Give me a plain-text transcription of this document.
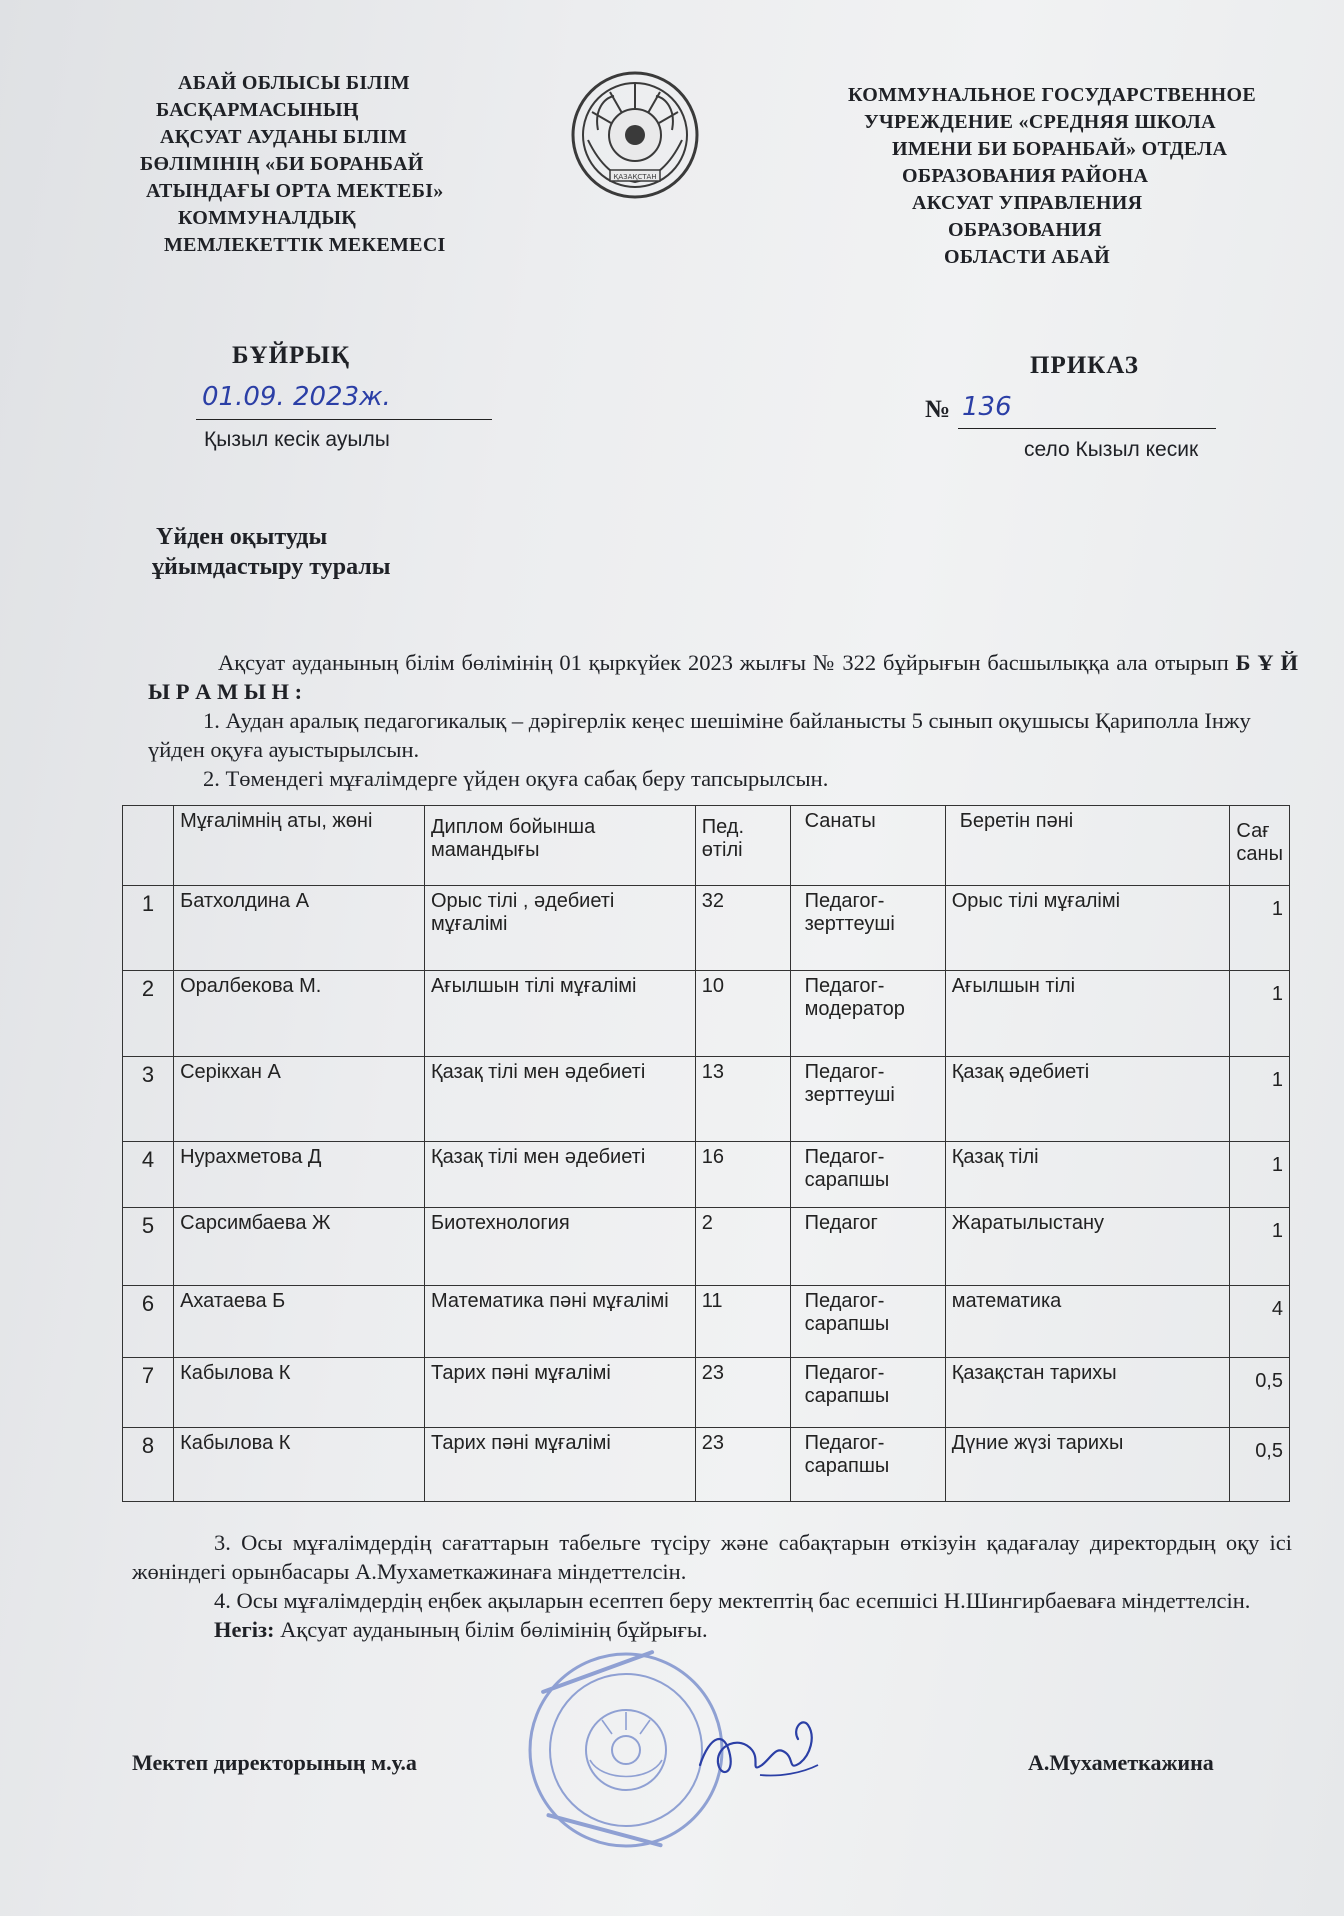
АБАЙ ОБЛЫСЫ БІЛІМ
БАСҚАРМАСЫНЫҢ
АҚСУАТ АУДАНЫ БІЛІМ
БӨЛІМІНІҢ «БИ БОРАНБАЙ
АТЫНДАҒЫ ОРТА МЕКТЕБІ»
КОММУНАЛДЫҚ
МЕМЛЕКЕТТІК МЕКЕМЕСІ
ҚАЗАҚСТАН
КОММУНАЛЬНОЕ ГОСУДАРСТВЕННОЕ
УЧРЕЖДЕНИЕ «СРЕДНЯЯ ШКОЛА
ИМЕНИ БИ БОРАНБАЙ» ОТДЕЛА
ОБРАЗОВАНИЯ РАЙОНА
АКСУАТ УПРАВЛЕНИЯ
ОБРАЗОВАНИЯ
ОБЛАСТИ АБАЙ
БҰЙРЫҚ	ПРИКАЗ
01.09. 2023ж.
Қызыл кесік ауылы
№ 136
село Кызыл кесик
Үйден оқытуды
ұйымдастыру туралы

Ақсуат ауданының білім бөлімінің 01 қыркүйек 2023 жылғы № 322 бұйрығын басшылыққа ала отырып Б Ұ Й Ы Р А М Ы Н :

1. Аудан аралық педагогикалық – дәрігерлік кеңес шешіміне байланысты 5 сынып оқушысы Қариполла Інжу үйден оқуға ауыстырылсын.

2. Төмендегі мұғалімдерге үйден оқуға сабақ беру тапсырылсын.

	Мұғалімнің аты, жөні	Диплом бойынша мамандығы	Пед. өтілі	Санаты	Беретін пәні	Сағ саны
1	Батхолдина А	Орыс тілі , әдебиеті мұғалімі	32	Педагог-зерттеуші	Орыс тілі мұғалімі	1
2	Оралбекова М.	Ағылшын тілі мұғалімі	10	Педагог-модератор	Ағылшын тілі	1
3	Серікхан А	Қазақ тілі мен әдебиеті	13	Педагог-зерттеуші	Қазақ әдебиеті	1
4	Нурахметова Д	Қазақ тілі мен әдебиеті	16	Педагог-сарапшы	Қазақ тілі	1
5	Сарсимбаева Ж	Биотехнология	2	Педагог	Жаратылыстану	1
6	Ахатаева Б	Математика пәні мұғалімі	11	Педагог-сарапшы	математика	4
7	Кабылова К	Тарих пәні мұғалімі	23	Педагог-сарапшы	Қазақстан тарихы	0,5
8	Кабылова К	Тарих пәні мұғалімі	23	Педагог-сарапшы	Дүние жүзі тарихы	0,5

3. Осы мұғалімдердің сағаттарын табельге түсіру және сабақтарын өткізуін қадағалау директордың оқу ісі жөніндегі орынбасары А.Мухаметкажинаға міндеттелсін.

4. Осы мұғалімдердің еңбек ақыларын есептеп беру мектептің бас есепшісі Н.Шингирбаеваға міндеттелсін.

Негіз: Ақсуат ауданының білім бөлімінің бұйрығы.

Мектеп директорының м.у.а	А.Мухаметкажина
